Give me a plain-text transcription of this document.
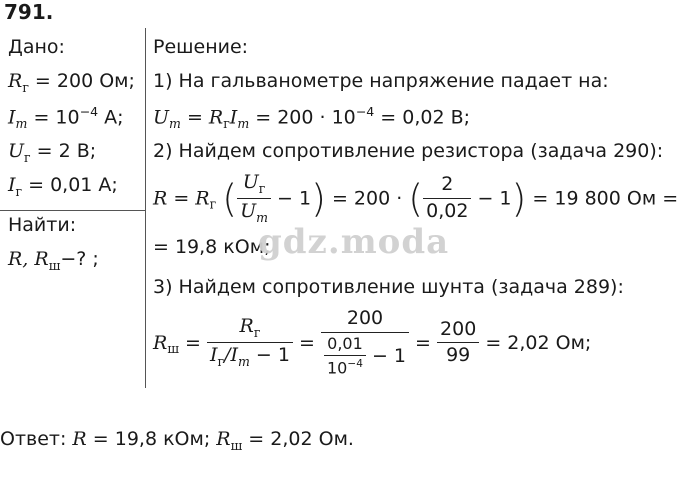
791.
Дано:
$R_г = 200$ Ом;
$I_m = 10^{-4}$ А;
$U_г = 2$ В;
$I_г = 0,01$ А;
Найти:
R, $R_ш-$? ;
Решение:
1) На гальванометре напряжение падает на:
$U_m = R_гI_m = 200 \cdot 10^{-4} = 0,02$ В;
2) Найдем сопротивление резистора (задача 290):
$R = R_г$ ( $\frac{U_г}{U_m} - 1) = 200$ · ( $\frac{2}{0,02} - 1) = 19$ 800 Ом =
= 19,8 кОм;
3) Найдем сопротивление шунта (задача 289):
$R_ш = \frac{R_г}{I_г/I_m - 1} = \frac{200}{\frac{0,01}{10^{-4}} - 1} = \frac{200}{99} = 2,02$ Ом;
gdz.moda
Ответ: R = 19,8 кОм; $R_ш = 2,02$ Ом.
